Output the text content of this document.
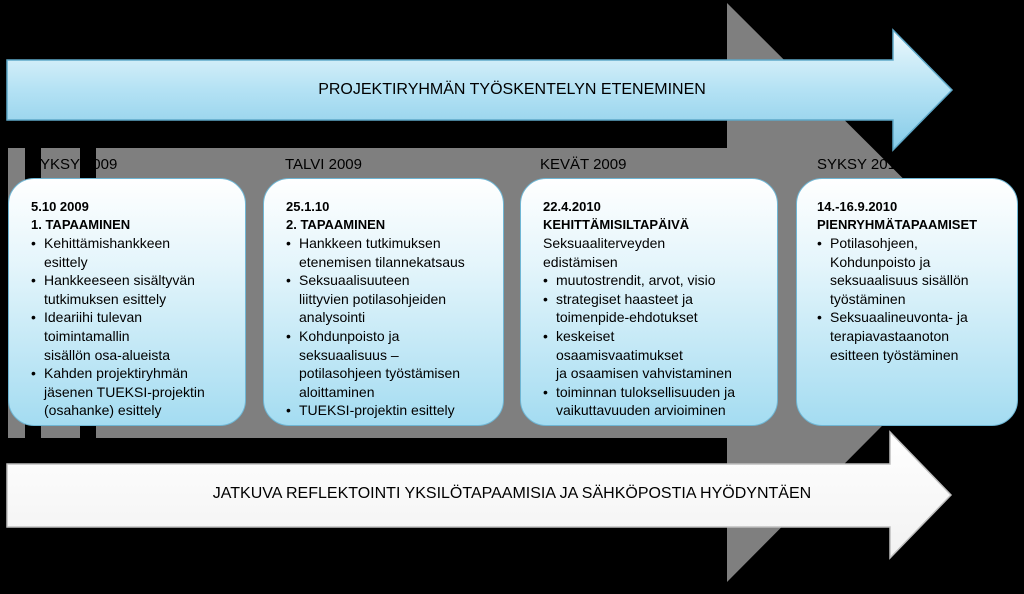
PROJEKTIRYHMÄN TYÖSKENTELYN ETENEMINEN
JATKUVA REFLEKTOINTI YKSILÖTAPAAMISIA JA SÄHKÖPOSTIA HYÖDYNTÄEN
SYKSY 2009	TALVI 2009	KEVÄT 2009	SYKSY 2010
5.10 2009
1. TAPAAMINEN
• Kehittämishankkeen
esittely
• Hankkeeseen sisältyvän
tutkimuksen esittely
• Ideariihi tulevan
toimintamallin
sisällön osa-alueista
• Kahden projektiryhmän
jäsenen TUEKSI-projektin
(osahanke) esittely
25.1.10
2. TAPAAMINEN
• Hankkeen tutkimuksen
etenemisen tilannekatsaus
• Seksuaalisuuteen
liittyvien potilasohjeiden
analysointi
• Kohdunpoisto ja
seksuaalisuus –
potilasohjeen työstämisen
aloittaminen
• TUEKSI-projektin esittely
22.4.2010
KEHITTÄMISILTAPÄIVÄ
Seksuaaliterveyden
edistämisen
• muutostrendit, arvot, visio
• strategiset haasteet ja
toimenpide-ehdotukset
• keskeiset
osaamisvaatimukset
ja osaamisen vahvistaminen
• toiminnan tuloksellisuuden ja
vaikuttavuuden arvioiminen
14.-16.9.2010
PIENRYHMÄTAPAAMISET
• Potilasohjeen,
Kohdunpoisto ja
seksuaalisuus sisällön
työstäminen
• Seksuaalineuvonta- ja
terapiavastaanoton
esitteen työstäminen
